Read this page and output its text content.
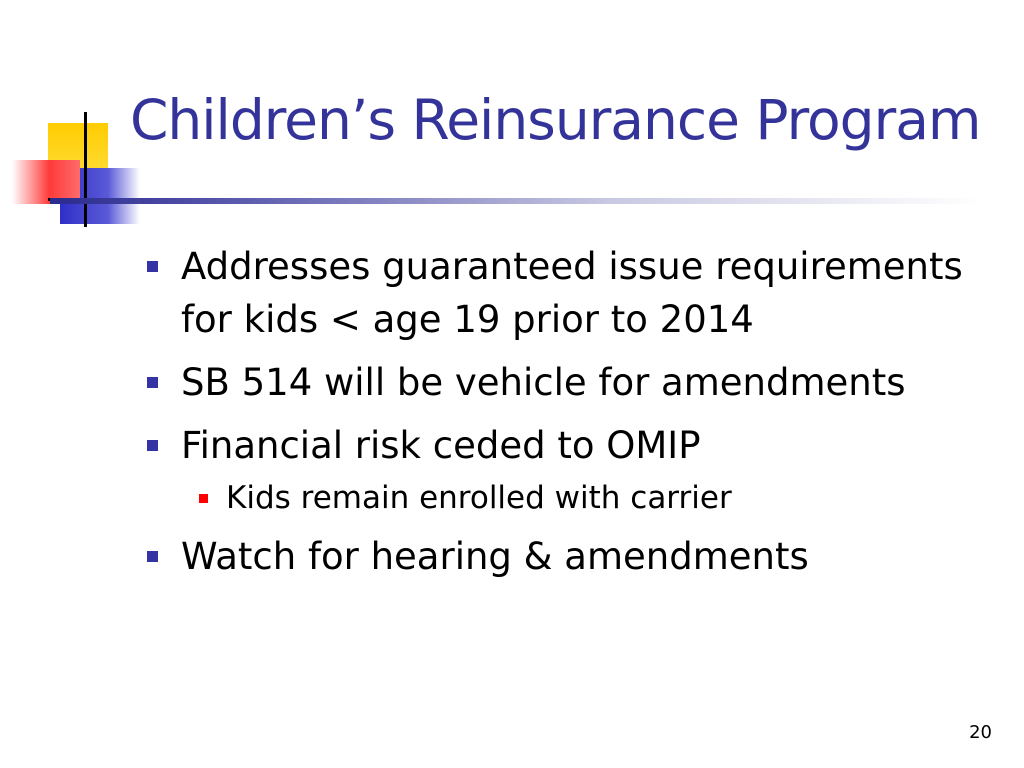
Children’s Reinsurance Program
Addresses guaranteed issue requirements for kids < age 19 prior to 2014
SB 514 will be vehicle for amendments
Financial risk ceded to OMIP
Kids remain enrolled with carrier
Watch for hearing & amendments
20
